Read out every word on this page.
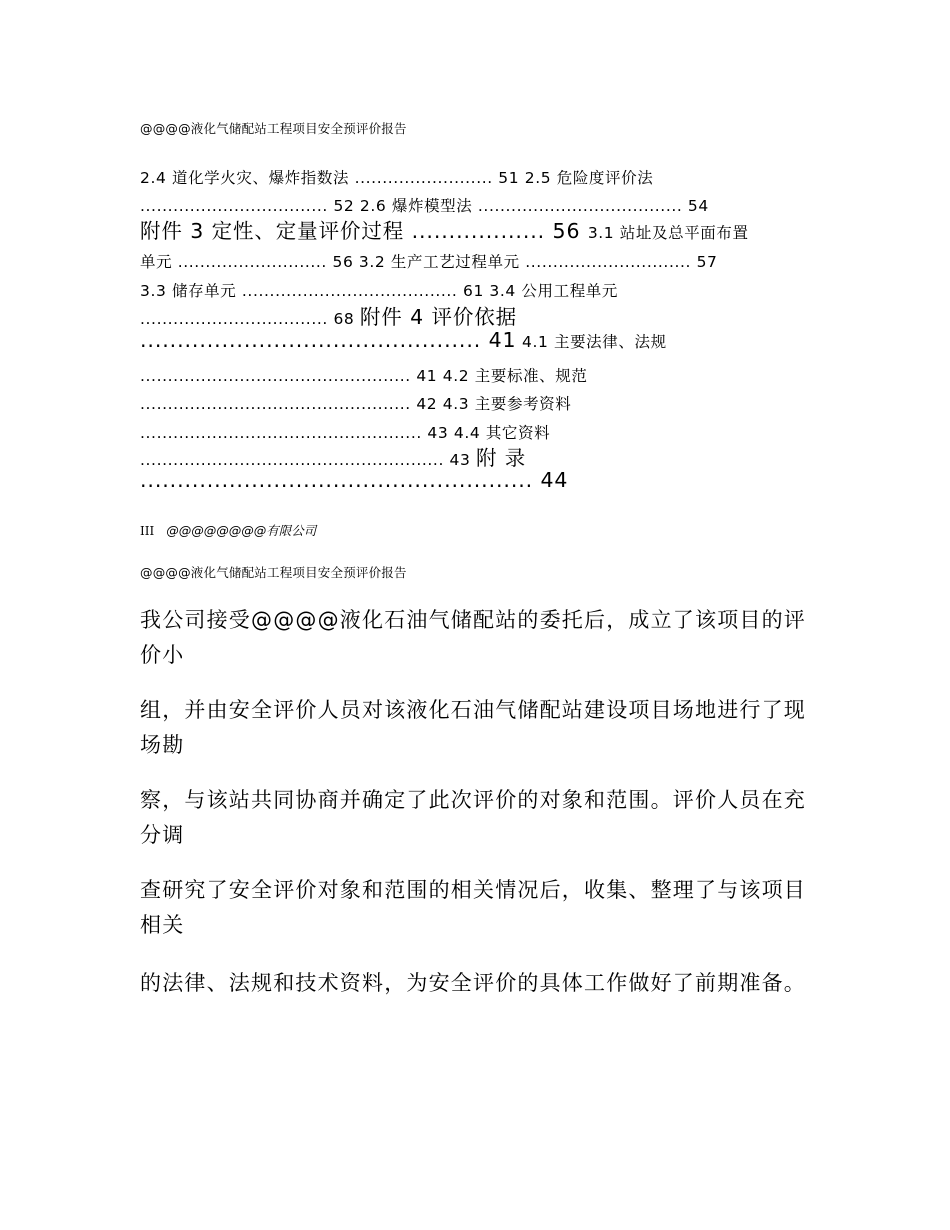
@@@@液化气储配站工程项目安全预评价报告
2.4 道化学火灾、爆炸指数法 ......................... 51 2.5 危险度评价法
.................................. 52 2.6 爆炸模型法 ..................................... 54
附件 3 定性、定量评价过程 .................. 56 3.1 站址及总平面布置
单元 ........................... 56 3.2 生产工艺过程单元 .............................. 57
3.3 储存单元 ....................................... 61 3.4 公用工程单元
.................................. 68 附件 4 评价依据
.............................................. 41 4.1 主要法律、法规
................................................. 41 4.2 主要标准、规范
................................................. 42 4.3 主要参考资料
................................................... 43 4.4 其它资料
....................................................... 43 附 录
..................................................... 44
III @@@@@@@@有限公司
@@@@液化气储配站工程项目安全预评价报告
我公司接受@@@@液化石油气储配站的委托后，成立了该项目的评价小
组，并由安全评价人员对该液化石油气储配站建设项目场地进行了现场勘
察，与该站共同协商并确定了此次评价的对象和范围。评价人员在充分调
查研究了安全评价对象和范围的相关情况后，收集、整理了与该项目相关
的法律、法规和技术资料，为安全评价的具体工作做好了前期准备。
